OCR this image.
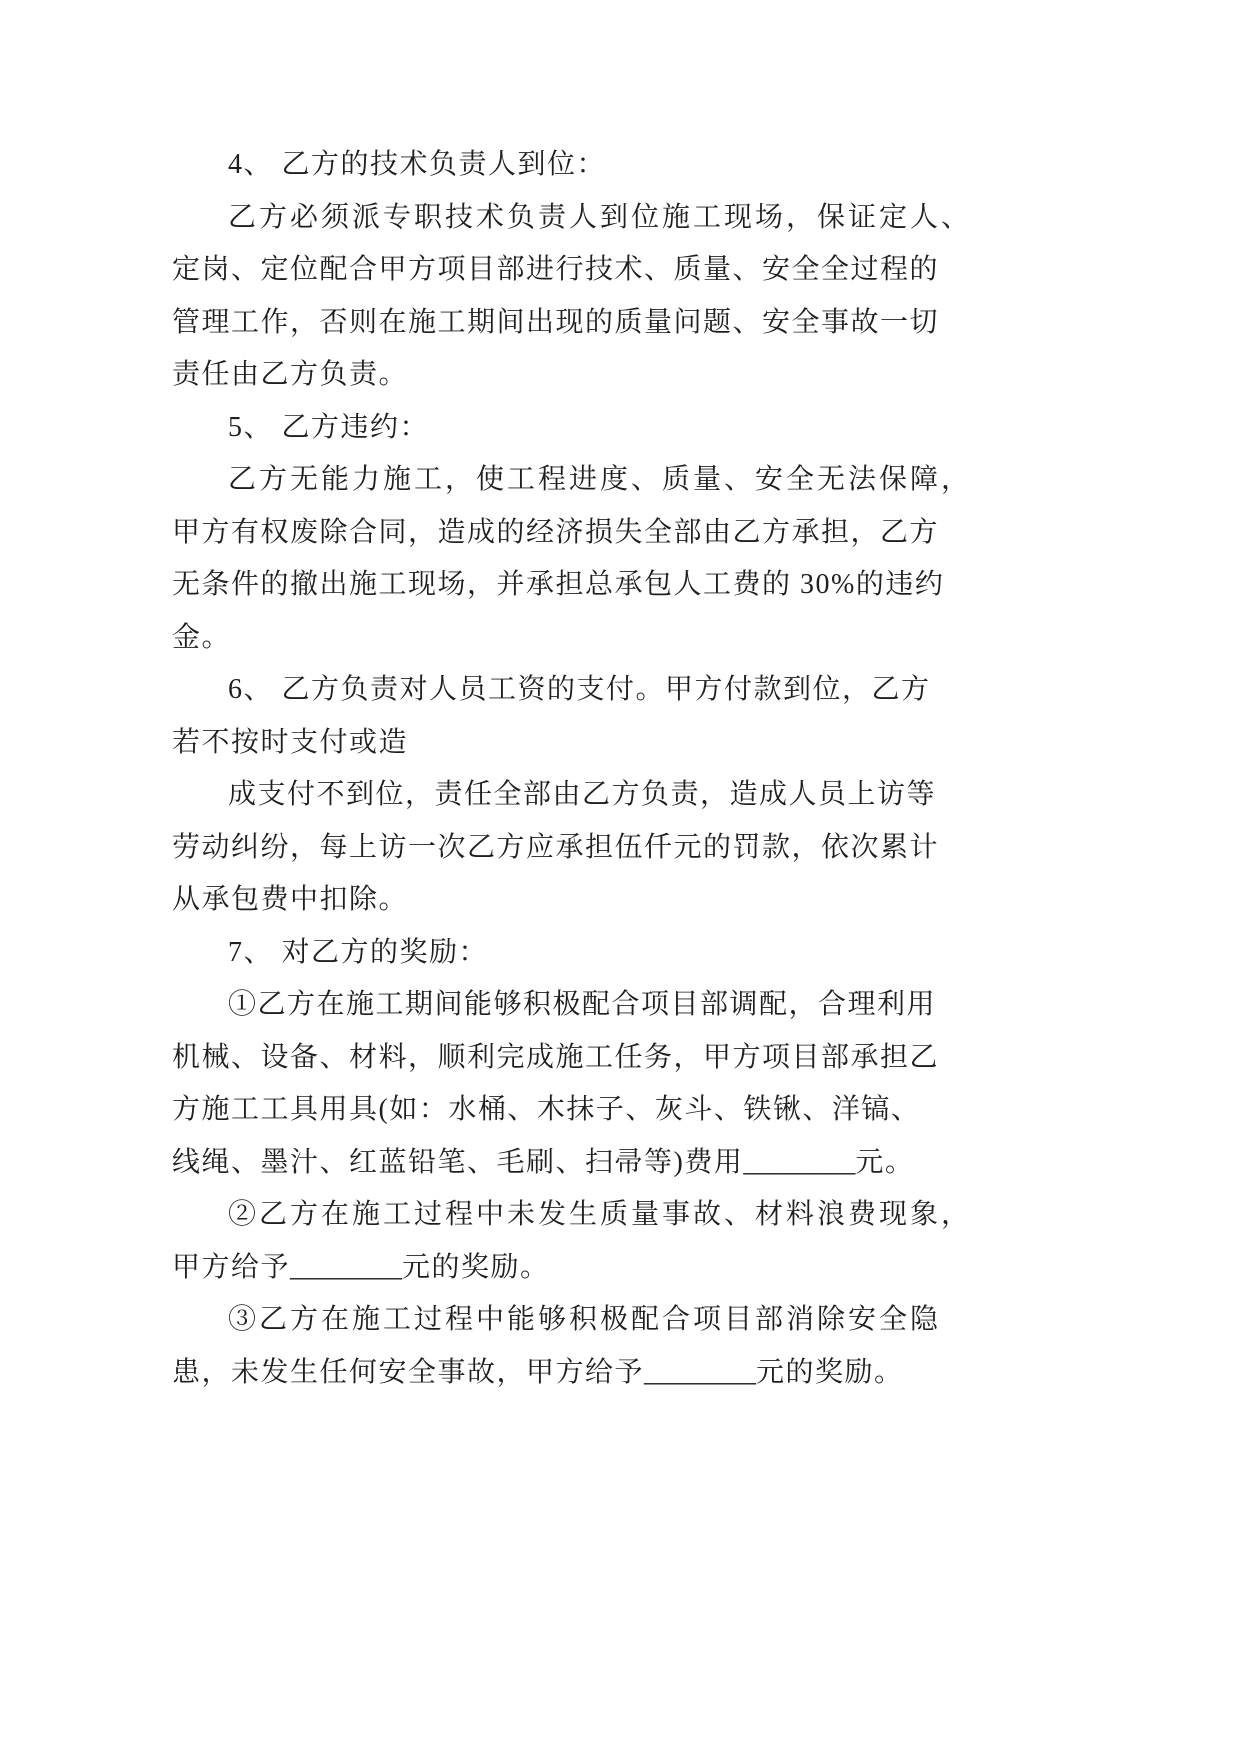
4、 乙方的技术负责人到位：
乙方必须派专职技术负责人到位施工现场，保证定人、
定岗、定位配合甲方项目部进行技术、质量、安全全过程的
管理工作，否则在施工期间出现的质量问题、安全事故一切
责任由乙方负责。
5、 乙方违约：
乙方无能力施工，使工程进度、质量、安全无法保障，
甲方有权废除合同，造成的经济损失全部由乙方承担，乙方
无条件的撤出施工现场，并承担总承包人工费的 30%的违约
金。
6、 乙方负责对人员工资的支付。甲方付款到位，乙方
若不按时支付或造
成支付不到位，责任全部由乙方负责，造成人员上访等
劳动纠纷，每上访一次乙方应承担伍仟元的罚款，依次累计
从承包费中扣除。
7、 对乙方的奖励：
①乙方在施工期间能够积极配合项目部调配，合理利用
机械、设备、材料，顺利完成施工任务，甲方项目部承担乙
方施工工具用具(如：水桶、木抹子、灰斗、铁锹、洋镐、
线绳、墨汁、红蓝铅笔、毛刷、扫帚等)费用________元。
②乙方在施工过程中未发生质量事故、材料浪费现象，
甲方给予________元的奖励。
③乙方在施工过程中能够积极配合项目部消除安全隐
患，未发生任何安全事故，甲方给予________元的奖励。
